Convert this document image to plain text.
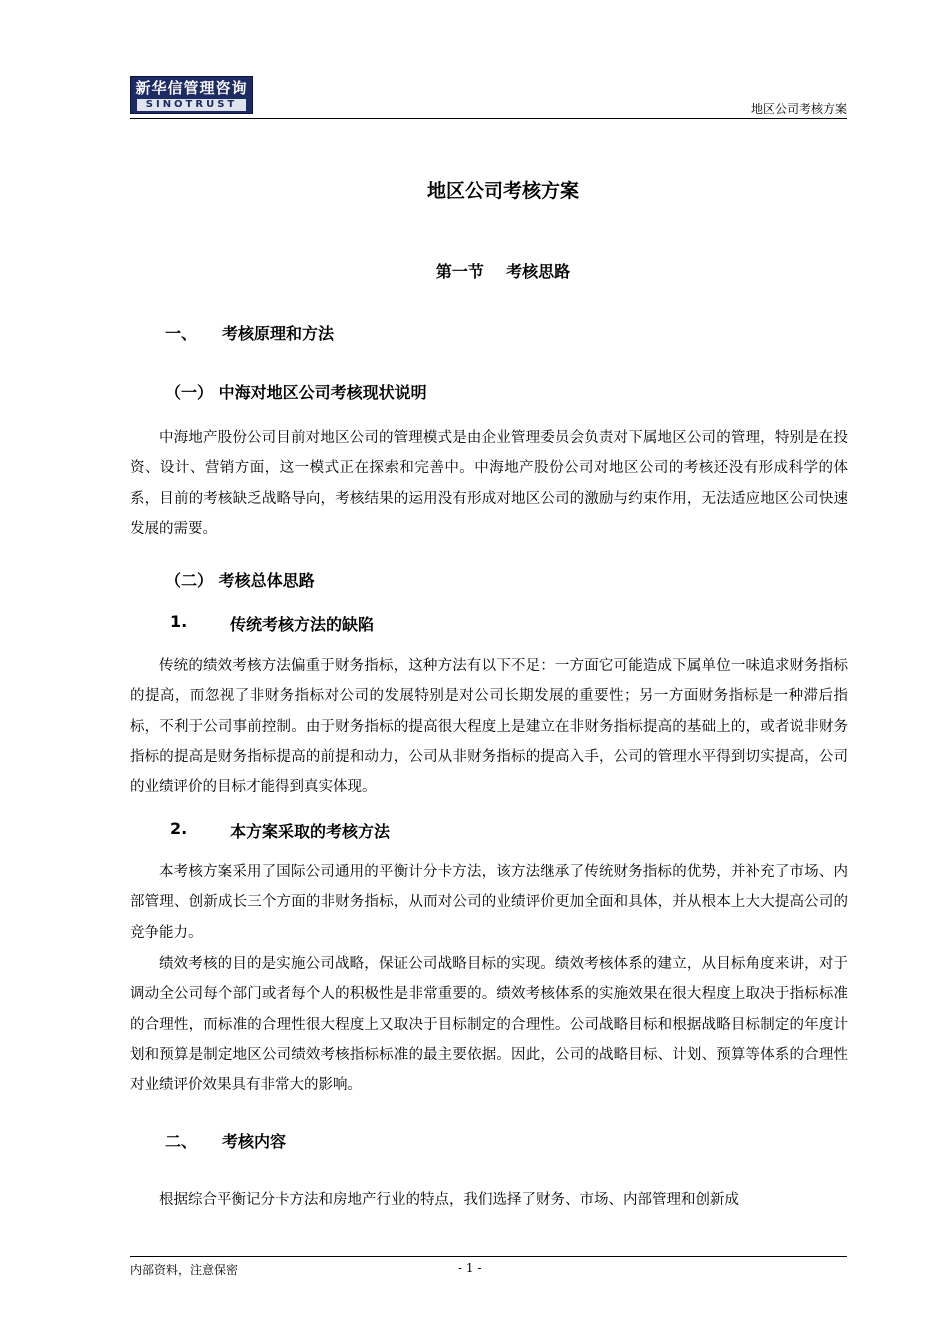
新华信管理咨询
SINOTRUST	地区公司考核方案
地区公司考核方案
第一节    考核思路
一、 考核原理和方法
（一） 中海对地区公司考核现状说明

中海地产股份公司目前对地区公司的管理模式是由企业管理委员会负责对下属地区公司的管理，特别是在投资、设计、营销方面，这一模式正在探索和完善中。中海地产股份公司对地区公司的考核还没有形成科学的体系，目前的考核缺乏战略导向，考核结果的运用没有形成对地区公司的激励与约束作用，无法适应地区公司快速发展的需要。

（二） 考核总体思路
1.	传统考核方法的缺陷

传统的绩效考核方法偏重于财务指标，这种方法有以下不足：一方面它可能造成下属单位一味追求财务指标的提高，而忽视了非财务指标对公司的发展特别是对公司长期发展的重要性；另一方面财务指标是一种滞后指标，不利于公司事前控制。由于财务指标的提高很大程度上是建立在非财务指标提高的基础上的，或者说非财务指标的提高是财务指标提高的前提和动力，公司从非财务指标的提高入手，公司的管理水平得到切实提高，公司的业绩评价的目标才能得到真实体现。

2.	本方案采取的考核方法

本考核方案采用了国际公司通用的平衡计分卡方法，该方法继承了传统财务指标的优势，并补充了市场、内部管理、创新成长三个方面的非财务指标，从而对公司的业绩评价更加全面和具体，并从根本上大大提高公司的竞争能力。

绩效考核的目的是实施公司战略，保证公司战略目标的实现。绩效考核体系的建立，从目标角度来讲，对于调动全公司每个部门或者每个人的积极性是非常重要的。绩效考核体系的实施效果在很大程度上取决于指标标准的合理性，而标准的合理性很大程度上又取决于目标制定的合理性。公司战略目标和根据战略目标制定的年度计划和预算是制定地区公司绩效考核指标标准的最主要依据。因此，公司的战略目标、计划、预算等体系的合理性对业绩评价效果具有非常大的影响。

二、 考核内容

根据综合平衡记分卡方法和房地产行业的特点，我们选择了财务、市场、内部管理和创新成

内部资料，注意保密	- 1 -
